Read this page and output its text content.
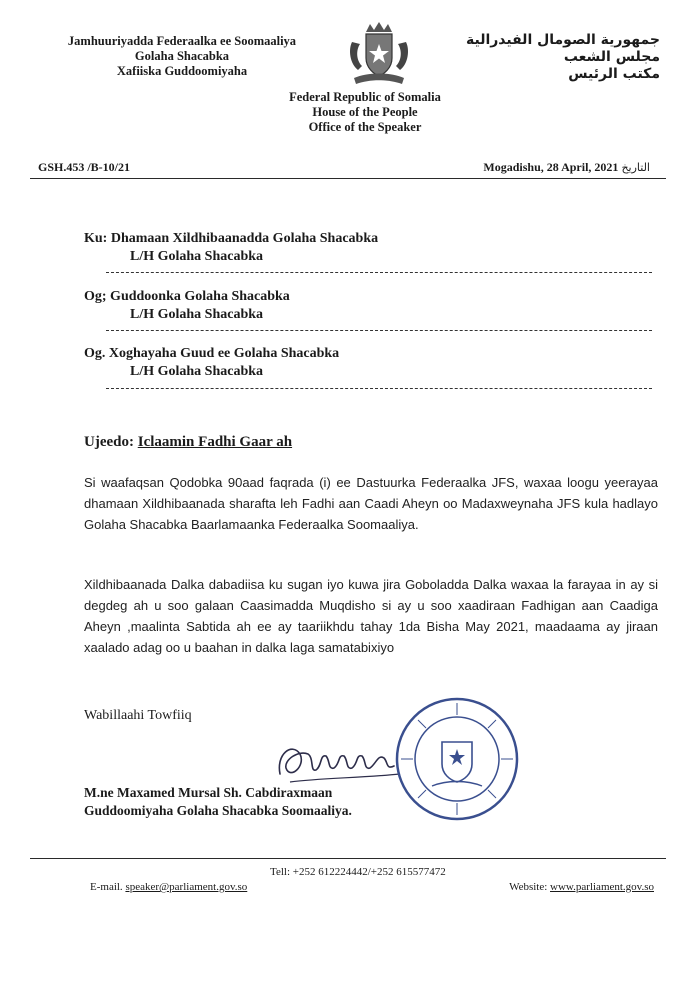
Jamhuuriyadda Federaalka ee Soomaaliya
Golaha Shacabka
Xafiiska Guddoomiyaha
جمهورية الصومال الفيدرالية
مجلس الشعب
مكتب الرئيس
Federal Republic of Somalia
House of the People
Office of the Speaker
GSH.453 /B-10/21	Mogadishu, 28 April, 2021 التاريخ
Ku: Dhamaan Xildhibaanadda Golaha Shacabka
L/H Golaha Shacabka
Og; Guddoonka Golaha Shacabka
L/H Golaha Shacabka
Og. Xoghayaha Guud ee Golaha Shacabka
L/H Golaha Shacabka
Ujeedo: Iclaamin Fadhi Gaar ah
Si waafaqsan Qodobka 90aad faqrada (i) ee Dastuurka Federaalka JFS, waxaa loogu yeerayaa dhamaan Xildhibaanada sharafta leh Fadhi aan Caadi Aheyn oo Madaxweynaha JFS kula hadlayo Golaha Shacabka Baarlamaanka Federaalka Soomaaliya.
Xildhibaanada Dalka dabadiisa ku sugan iyo kuwa jira Goboladda Dalka waxaa la farayaa in ay si degdeg ah u soo galaan Caasimadda Muqdisho si ay u soo xaadiraan Fadhigan aan Caadiga Aheyn ,maalinta Sabtida ah ee ay taariikhdu tahay 1da Bisha May 2021, maadaama ay jiraan xaalado adag oo u baahan in dalka laga samatabixiyo
Wabillaahi Towfiiq
M.ne Maxamed Mursal Sh. Cabdiraxmaan
Guddoomiyaha Golaha Shacabka Soomaaliya.
Tell: +252 612224442/+252 615577472
E-mail. speaker@parliament.gov.so	Website: www.parliament.gov.so
